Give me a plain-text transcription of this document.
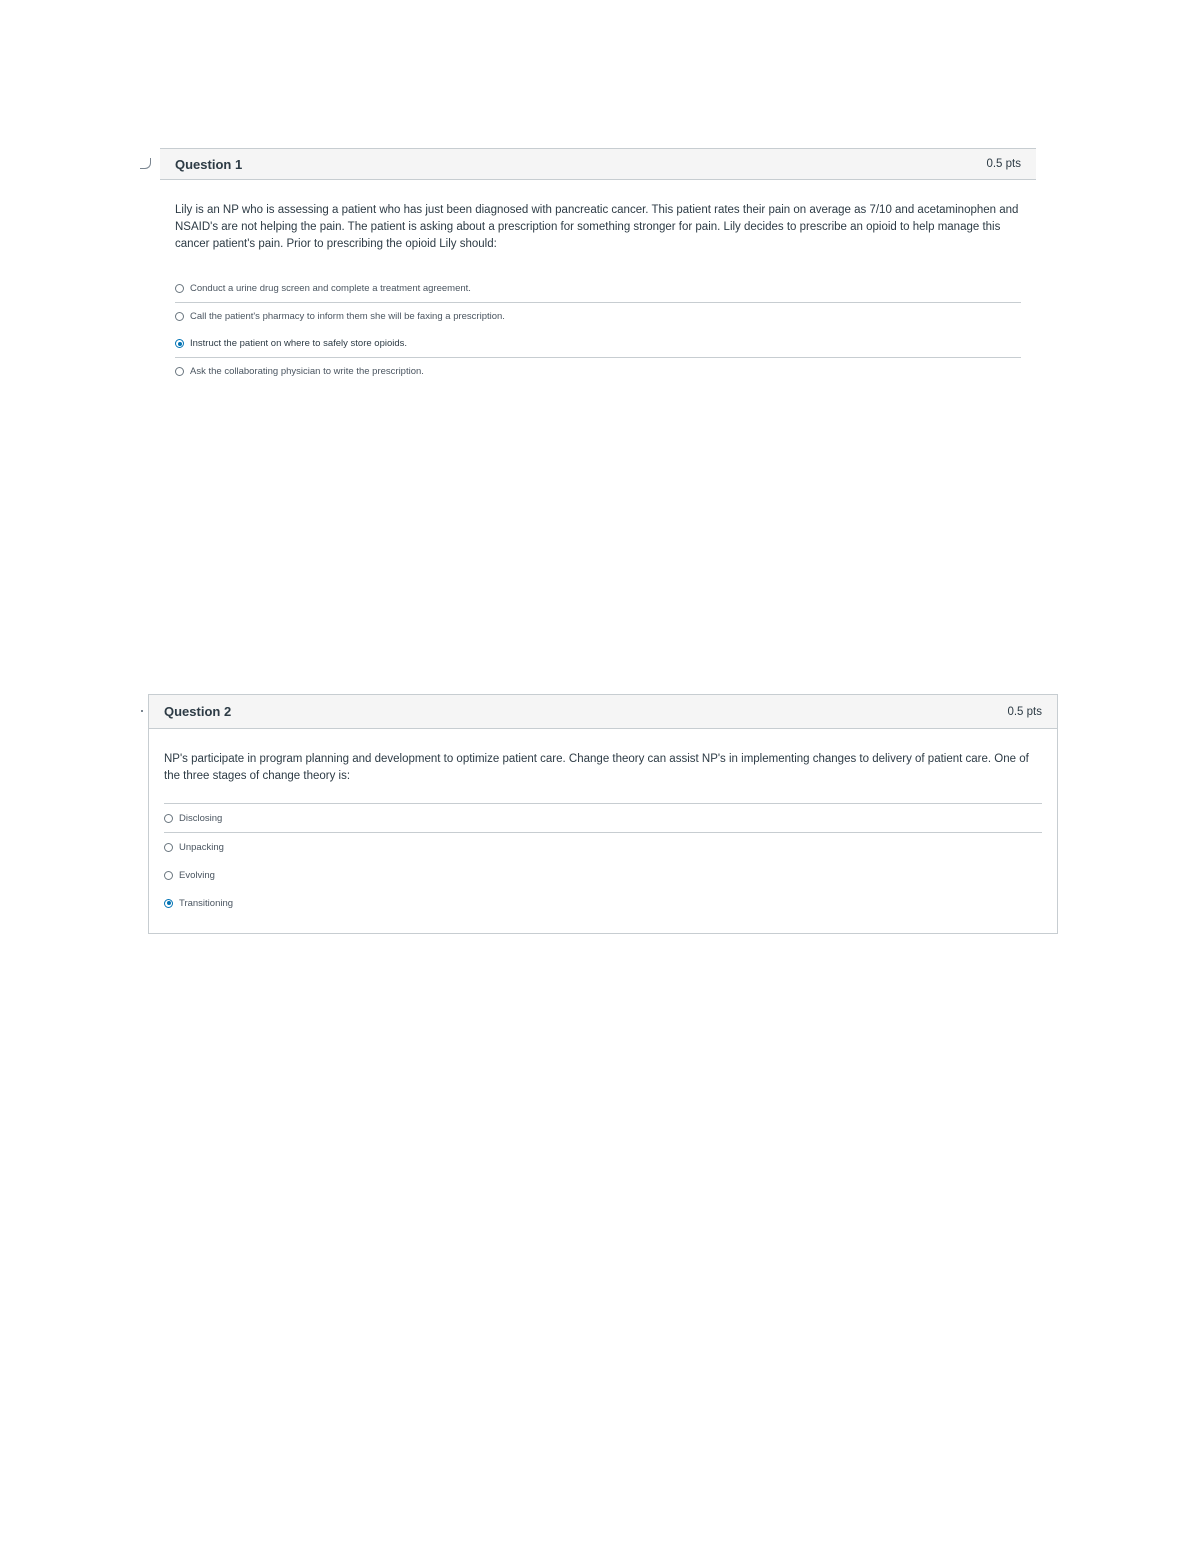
Question 1	0.5 pts
Lily is an NP who is assessing a patient who has just been diagnosed with pancreatic cancer. This patient rates their pain on average as 7/10 and acetaminophen and NSAID's are not helping the pain. The patient is asking about a prescription for something stronger for pain. Lily decides to prescribe an opioid to help manage this cancer patient's pain. Prior to prescribing the opioid Lily should:
Conduct a urine drug screen and complete a treatment agreement.
Call the patient's pharmacy to inform them she will be faxing a prescription.
Instruct the patient on where to safely store opioids.
Ask the collaborating physician to write the prescription.
Question 2	0.5 pts
NP's participate in program planning and development to optimize patient care. Change theory can assist NP's in implementing changes to delivery of patient care. One of the three stages of change theory is:
Disclosing
Unpacking
Evolving
Transitioning
